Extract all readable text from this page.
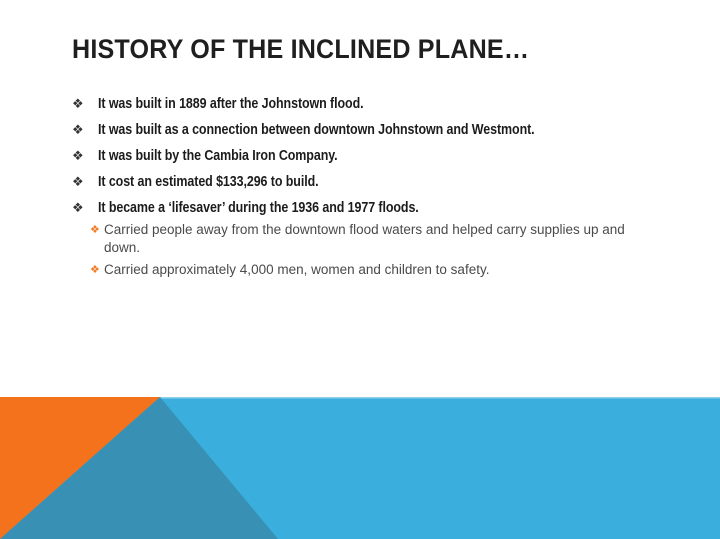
HISTORY OF THE INCLINED PLANE…
❖ It was built in 1889 after the Johnstown flood.
❖ It was built as a connection between downtown Johnstown and Westmont.
❖ It was built by the Cambia Iron Company.
❖ It cost an estimated $133,296 to build.
❖ It became a ‘lifesaver’ during the 1936 and 1977 floods.
❖ Carried people away from the downtown flood waters and helped carry supplies up and down.
❖ Carried approximately 4,000 men, women and children to safety.
